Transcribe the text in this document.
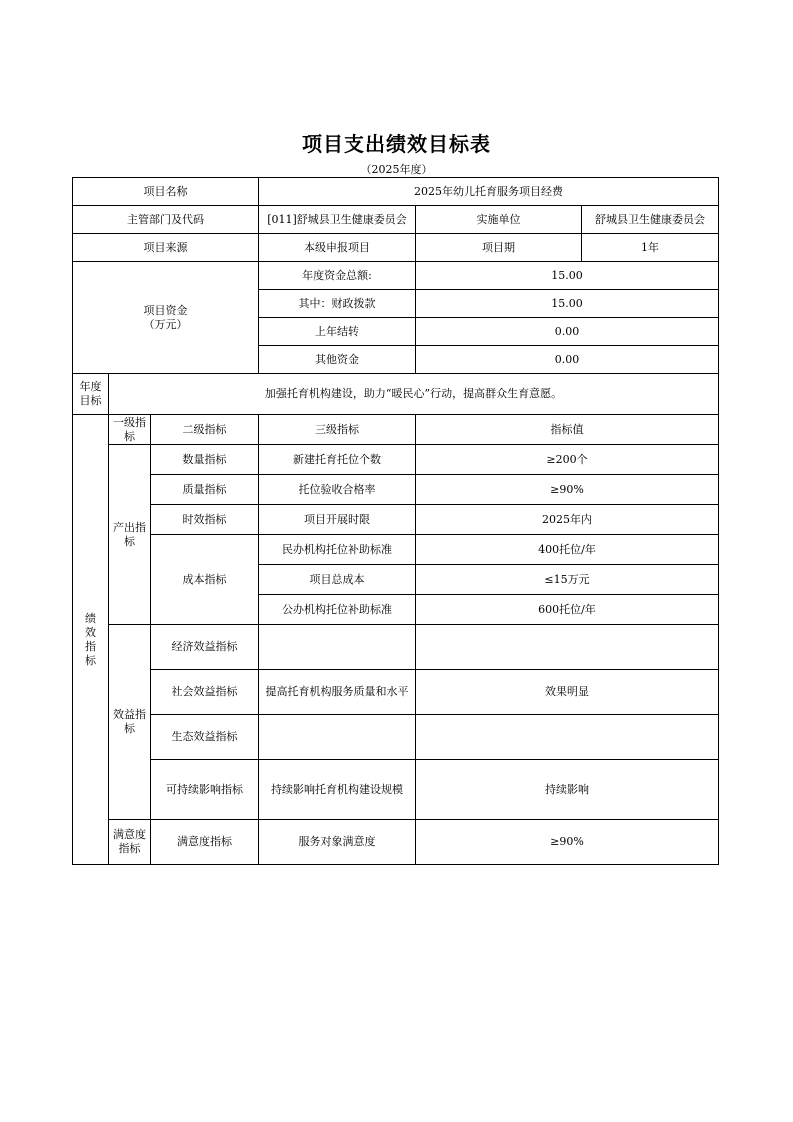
项目支出绩效目标表
（2025年度）
项目名称			2025年幼儿托育服务项目经费		
主管部门及代码			[011]舒城县卫生健康委员会	实施单位	舒城县卫生健康委员会
项目来源			本级申报项目	项目期	1年

项目资金
（万元）			年度资金总额:	15.00	
			其中：财政拨款	15.00	
			上年结转	0.00	
			其他资金	0.00	
年度目标	加强托育机构建设，助力“暖民心”行动，提高群众生育意愿。				
绩效指标	一级指标	二级指标	三级指标	指标值	
	产出指标	数量指标	新建托育托位个数	≥200个	
		质量指标	托位验收合格率	≥90%	
		时效指标	项目开展时限	2025年内	
		成本指标	民办机构托位补助标准	400托位/年	
			项目总成本	≤15万元	
			公办机构托位补助标准	600托位/年	
	效益指标	经济效益指标			
		社会效益指标	提高托育机构服务质量和水平	效果明显	
		生态效益指标			
		可持续影响指标	持续影响托育机构建设规模	持续影响	
	满意度指标	满意度指标	服务对象满意度	≥90%	
